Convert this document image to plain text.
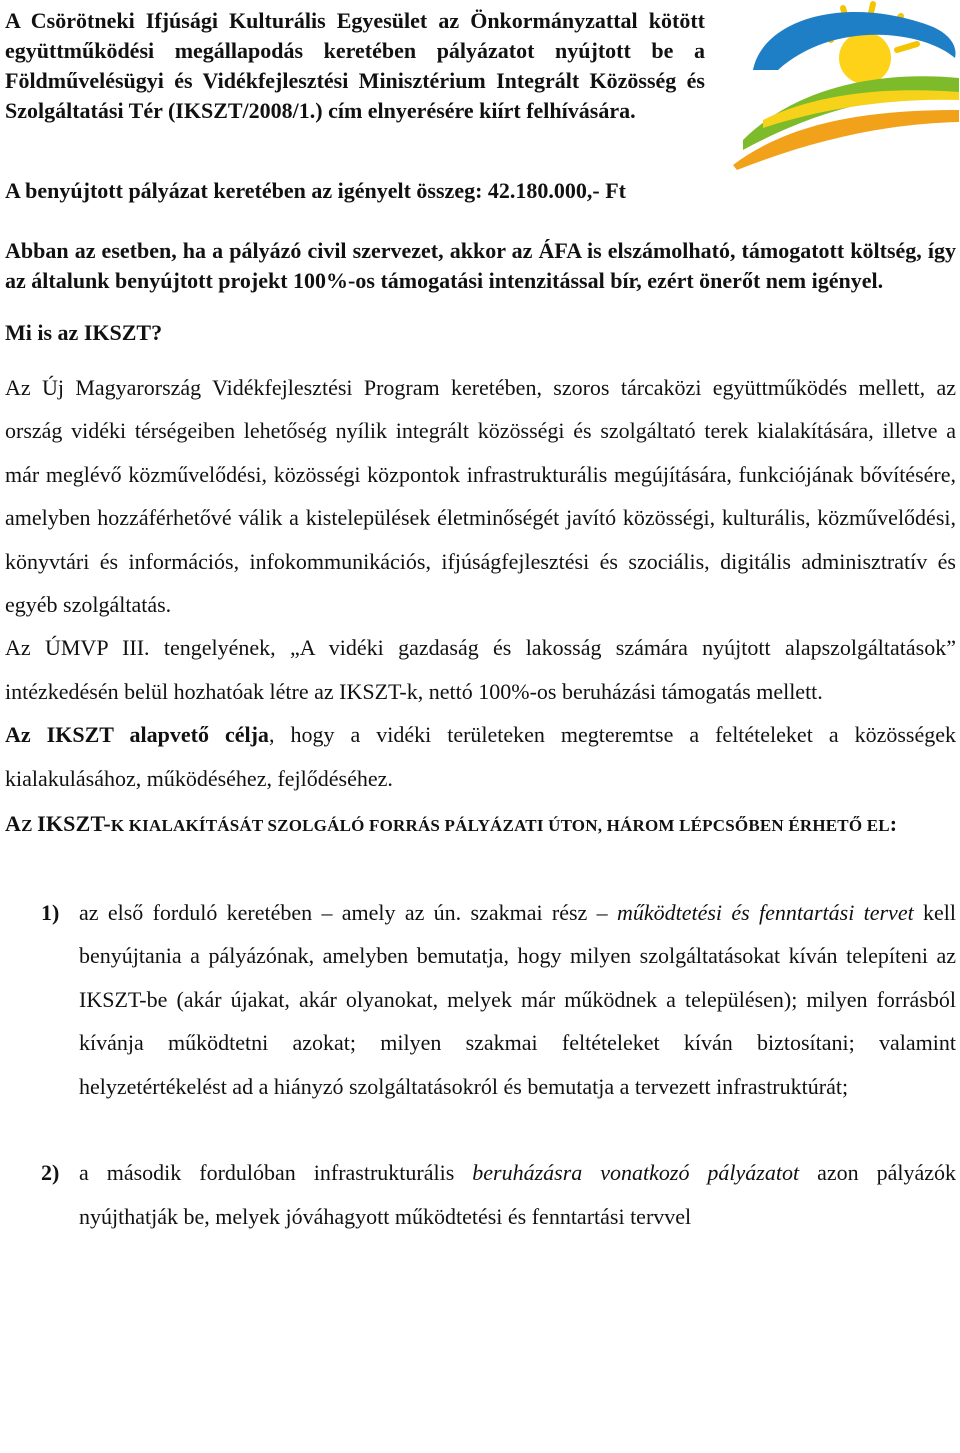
A Csörötneki Ifjúsági Kulturális Egyesület az Önkormányzattal kötött együttműködési megállapodás keretében pályázatot nyújtott be a Földművelésügyi és Vidékfejlesztési Minisztérium Integrált Közösség és Szolgáltatási Tér (IKSZT/2008/1.) cím elnyerésére kiírt felhívására.
A benyújtott pályázat keretében az igényelt összeg: 42.180.000,- Ft
Abban az esetben, ha a pályázó civil szervezet, akkor az ÁFA is elszámolható, támogatott költség, így az általunk benyújtott projekt 100%-os támogatási intenzitással bír, ezért önerőt nem igényel.
Mi is az IKSZT?

Az Új Magyarország Vidékfejlesztési Program keretében, szoros tárcaközi együttműködés mellett, az ország vidéki térségeiben lehetőség nyílik integrált közösségi és szolgáltató terek kialakítására, illetve a már meglévő közművelődési, közösségi központok infrastrukturális megújítására, funkciójának bővítésére, amelyben hozzáférhetővé válik a kistelepülések életminőségét javító közösségi, kulturális, közművelődési, könyvtári és információs, infokommunikációs, ifjúságfejlesztési és szociális, digitális adminisztratív és egyéb szolgáltatás.

Az ÚMVP III. tengelyének, „A vidéki gazdaság és lakosság számára nyújtott alapszolgáltatások” intézkedésén belül hozhatóak létre az IKSZT-k, nettó 100%-os beruházási támogatás mellett.

Az IKSZT alapvető célja, hogy a vidéki területeken megteremtse a feltételeket a közösségek kialakulásához, működéséhez, fejlődéséhez.

AZ IKSZT-K KIALAKÍTÁSÁT SZOLGÁLÓ FORRÁS PÁLYÁZATI ÚTON, HÁROM LÉPCSŐBEN ÉRHETŐ EL:
1) az első forduló keretében – amely az ún. szakmai rész – működtetési és fenntartási tervet kell benyújtania a pályázónak, amelyben bemutatja, hogy milyen szolgáltatásokat kíván telepíteni az IKSZT-be (akár újakat, akár olyanokat, melyek már működnek a településen); milyen forrásból kívánja működtetni azokat; milyen szakmai feltételeket kíván biztosítani; valamint helyzetértékelést ad a hiányzó szolgáltatásokról és bemutatja a tervezett infrastruktúrát;
2) a második fordulóban infrastrukturális beruházásra vonatkozó pályázatot azon pályázók nyújthatják be, melyek jóváhagyott működtetési és fenntartási tervvel
